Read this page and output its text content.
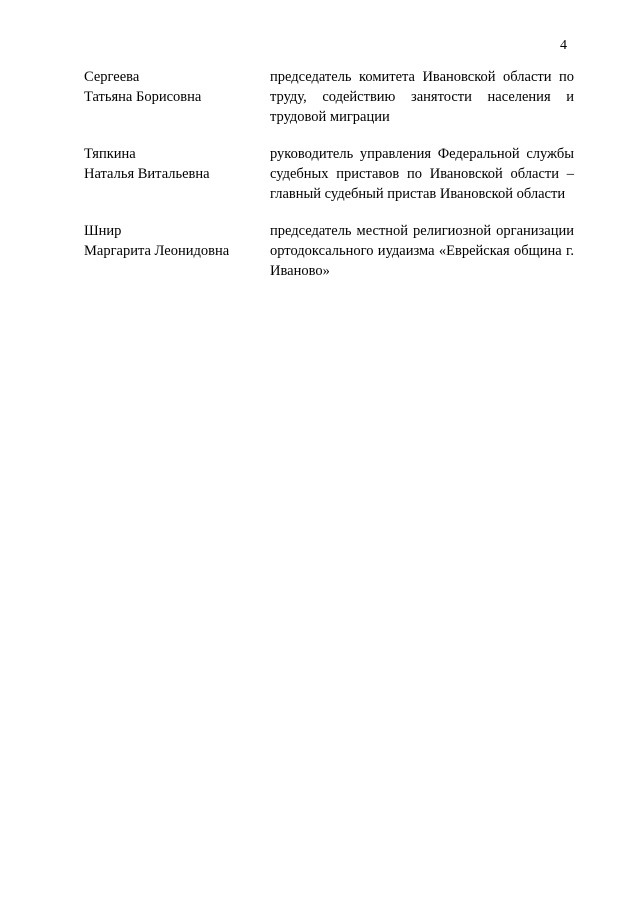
4
Сергеева
Татьяна Борисовна
председатель комитета Ивановской области по труду, содействию занятости населения и трудовой миграции
Тяпкина
Наталья Витальевна
руководитель управления Федеральной службы судебных приставов по Ивановской области – главный судебный пристав Ивановской области
Шнир
Маргарита Леонидовна
председатель местной религиозной организации ортодоксального иудаизма «Еврейская община г. Иваново»
